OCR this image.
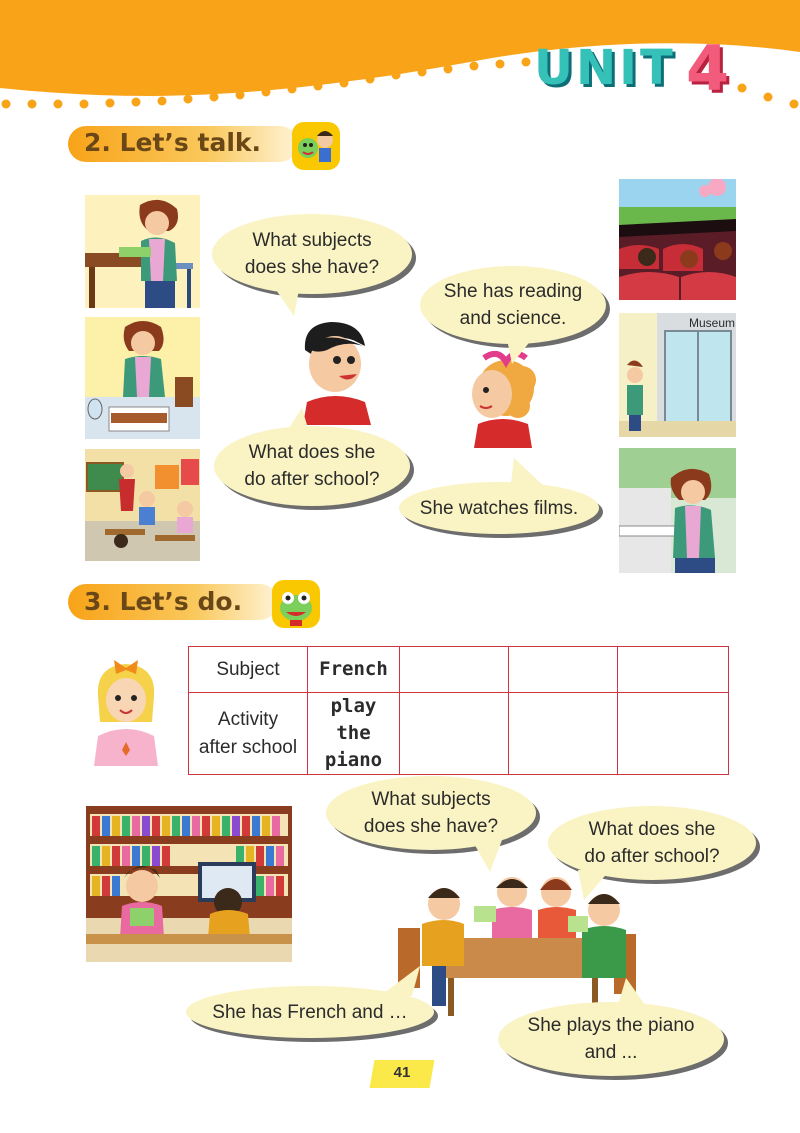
UNIT 4
2. Let’s talk.
Museum
What subjects
does she have?
She has reading
and science.
What does she
do after school?
She watches films.
3. Let’s do.
Subject	French			

Activity
after school	play the
piano			

What subjects
does she have?	What does she
do after school?
She has French and …
She plays the piano
and ...
41
